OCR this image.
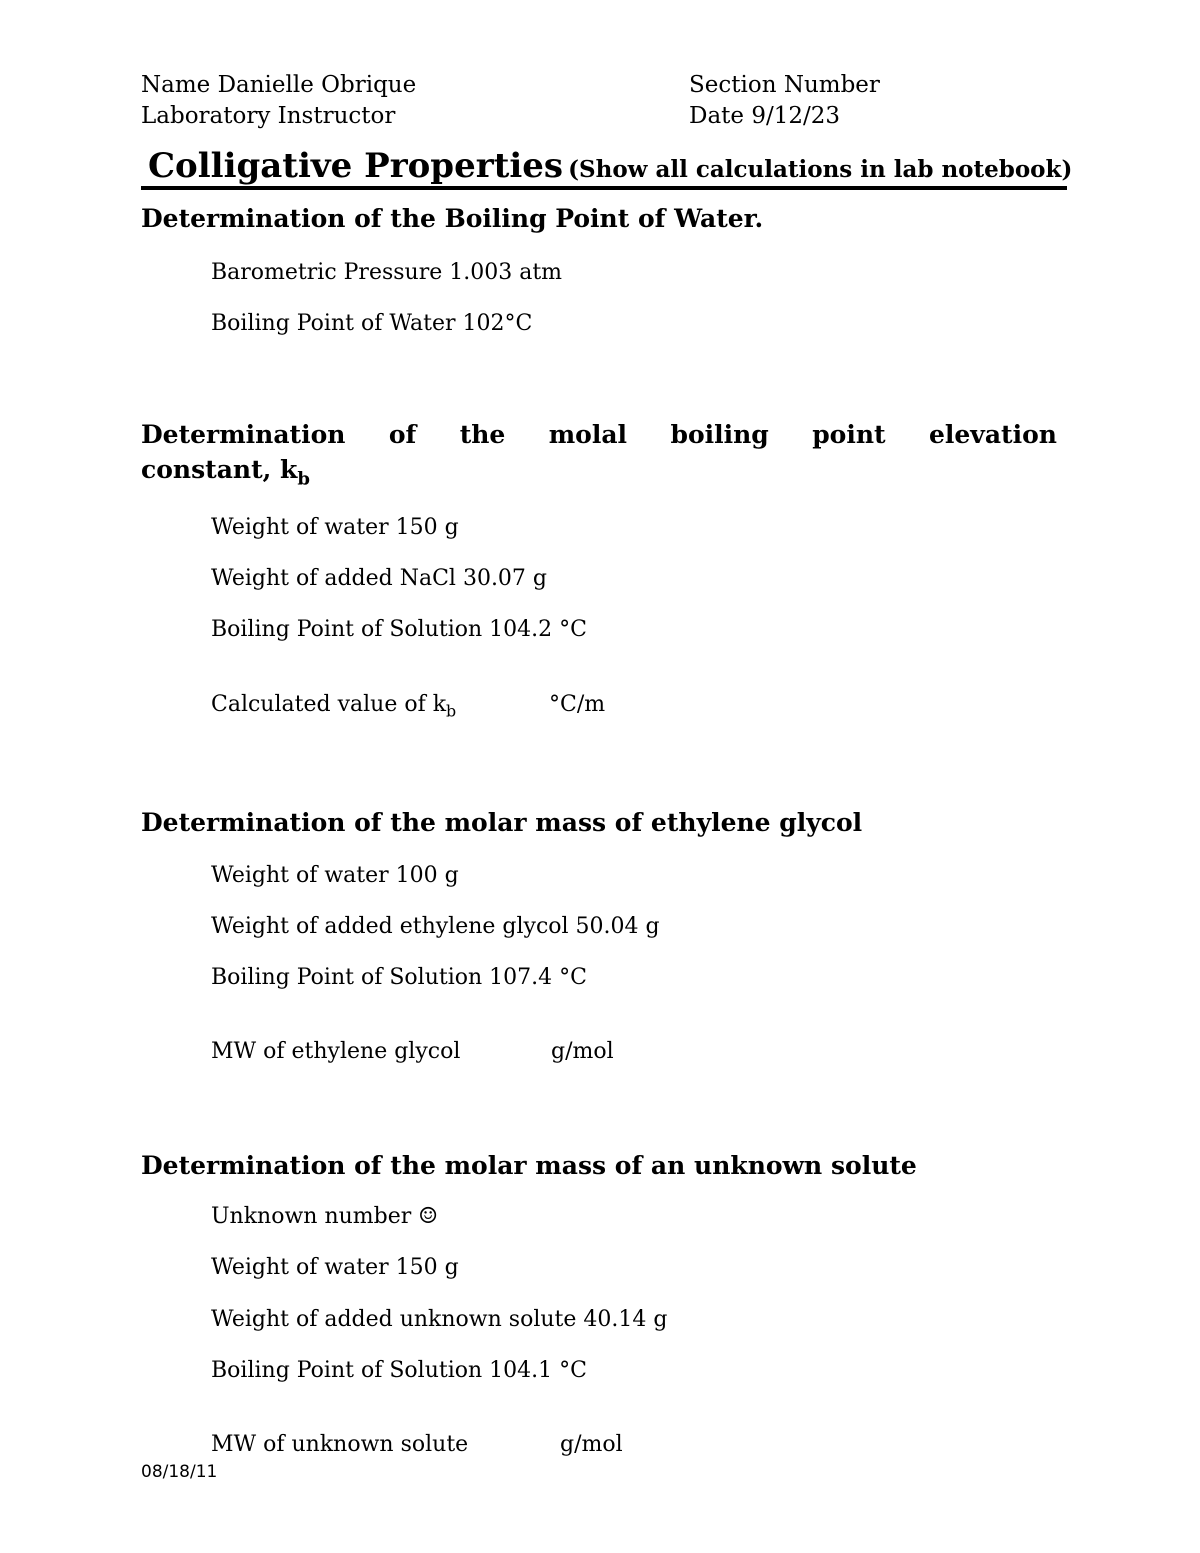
Name Danielle Obrique	Section Number
Laboratory Instructor	Date 9/12/23
Colligative Properties (Show all calculations in lab notebook)
Determination of the Boiling Point of Water.
Barometric Pressure 1.003 atm
Boiling Point of Water 102°C
Determination of the molal boiling point elevation
constant, $k_b$
Weight of water 150 g
Weight of added NaCl 30.07 g
Boiling Point of Solution 104.2 °C
Calculated value of $k_b$	°C/m
Determination of the molar mass of ethylene glycol
Weight of water 100 g
Weight of added ethylene glycol 50.04 g
Boiling Point of Solution 107.4 °C
MW of ethylene glycol	g/mol
Determination of the molar mass of an unknown solute
Unknown number ☺
Weight of water 150 g
Weight of added unknown solute 40.14 g
Boiling Point of Solution 104.1 °C
MW of unknown solute	g/mol
08/18/11
